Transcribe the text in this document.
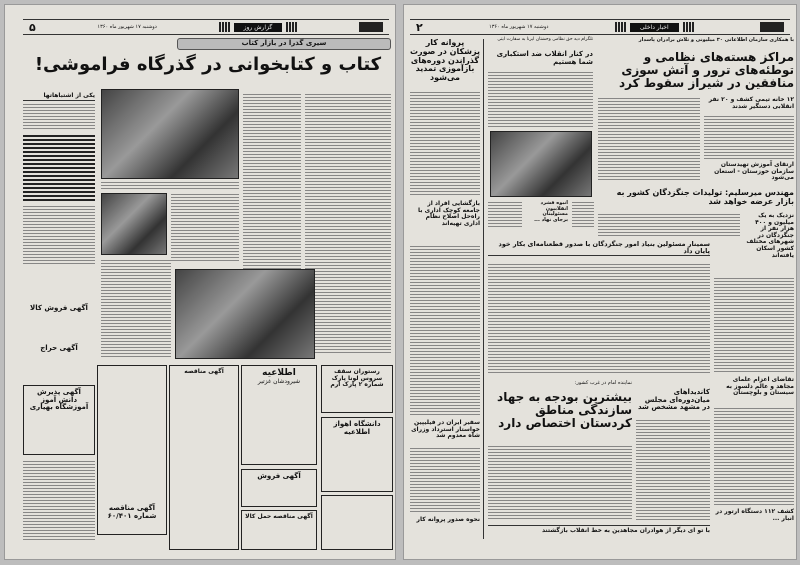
۵	دوشنبه ۱۷ شهریور ماه ۱۳۶۰	گزارش روز
سیری گذرا در بازار کتاب
کتاب و کتابخوانی در گذرگاه فراموشی!
یکی از اشتباهاتها
آگهی فروش کالا
آگهی حراج
آگهی پذیرش دانش آموز آموزشگاه بهیاری
آگهی مناقصه شماره ۶۰/۴۰۱
آگهی مناقصه	اطلاعیه
شیرودشان غزتیر
آگهی فروش
آگهی مناقصه حمل کالا
رستوران سقف سروس لونا پارک شماره ۲ پارک ارم
دانشگاه اهواز اطلاعیه
۲	دوشنبه ۱۷ شهریور ماه ۱۳۶۰	اخبار داخلی
پروانه کار پزشکان در صورت گذراندن دوره‌های بازآموزی تمدید می‌شود
بازگشایی افراد از جامعه کوچک اداری با راه‌حل اصلاح نظام اداری تهیه‌اند
سفیر ایران در فیلیپین خواستار استرداد وزرای شاه معدوم شد
نحوه صدور پروانه کار
تلگرام دیه حق نظامی وحشتان ایرنا به سفارت ایتی
در کنار انقلاب ضد استکباری شما هستیم
انبوه فشرد انقلابیون مسئولیتان برجای نهاد ...
با همکاری سازمان اطلاعاتی ۳۰ میلیونی و تلاش برادران پاسدار
مراکز هسته‌های نظامی و توطئه‌های ترور و آتش سوزی منافقین در شیراز سقوط کرد
۱۲ خانه تیمی کشف و ۲۰ نفر انقلابی دستگیر شدند
ارتقای آموزش تهیدستان سازمان خوزستان - استعان می‌شود
مهندس میرسلیم: تولیدات جنگزدگان کشور به بازار عرضه خواهد شد
نزدیک به یک میلیون و ۴۰۰ هزار نفر از جنگزدگان در شهرهای مختلف کشور اسکان یافته‌اند
سمینار مسئولین بنیاد امور جنگزدگان با صدور قطعنامه‌ای بکار خود پایان داد
تقاضای اعزام علمای مجاهد و عالم دلسوز به سیستان و بلوچستان
نماینده امام در غرب کشور:
بیشترین بودجه به جهاد سازندگی مناطق کردستان اختصاص دارد
کاندیداهای میان‌دوره‌ای مجلس در مشهد مشخص شد
کشف ۱۱۲ دستگاه ارتور در انبار ...
با تو ای دیگر از هوادران مجاهدین به خط انقلاب بازگشتند
